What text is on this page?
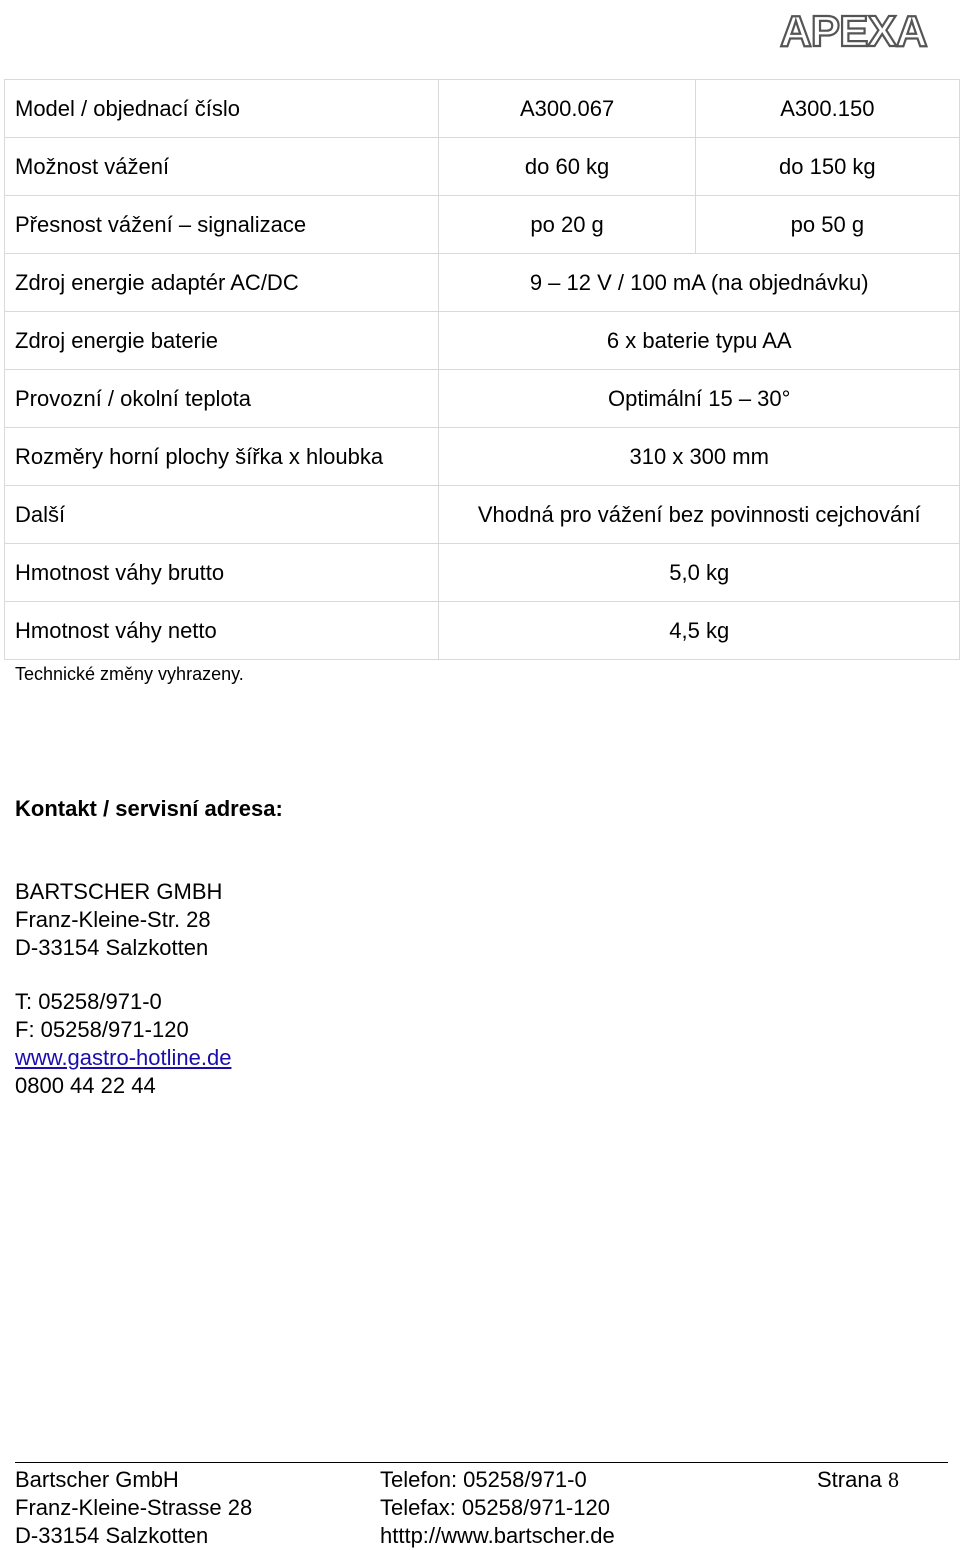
APEXA
Model / objednací číslo	A300.067	A300.150
Možnost vážení	do 60 kg	do 150 kg
Přesnost vážení – signalizace	po 20 g	po 50 g
Zdroj energie adaptér AC/DC	9 – 12 V / 100 mA (na objednávku)	
Zdroj energie baterie	6 x baterie typu AA	
Provozní / okolní teplota	Optimální 15 – 30°	
Rozměry horní plochy šířka x hloubka	310 x 300 mm	
Další	Vhodná pro vážení bez povinnosti cejchování	
Hmotnost váhy brutto	5,0 kg	
Hmotnost váhy netto	4,5 kg	
Technické změny vyhrazeny.
Kontakt / servisní adresa:
BARTSCHER GMBH
Franz-Kleine-Str. 28
D-33154 Salzkotten
T: 05258/971-0
F: 05258/971-120
www.gastro-hotline.de
0800 44 22 44
Bartscher GmbH
Franz-Kleine-Strasse 28
D-33154 Salzkotten
Telefon: 05258/971-0
Telefax: 05258/971-120
htttp://www.bartscher.de
Strana 8
